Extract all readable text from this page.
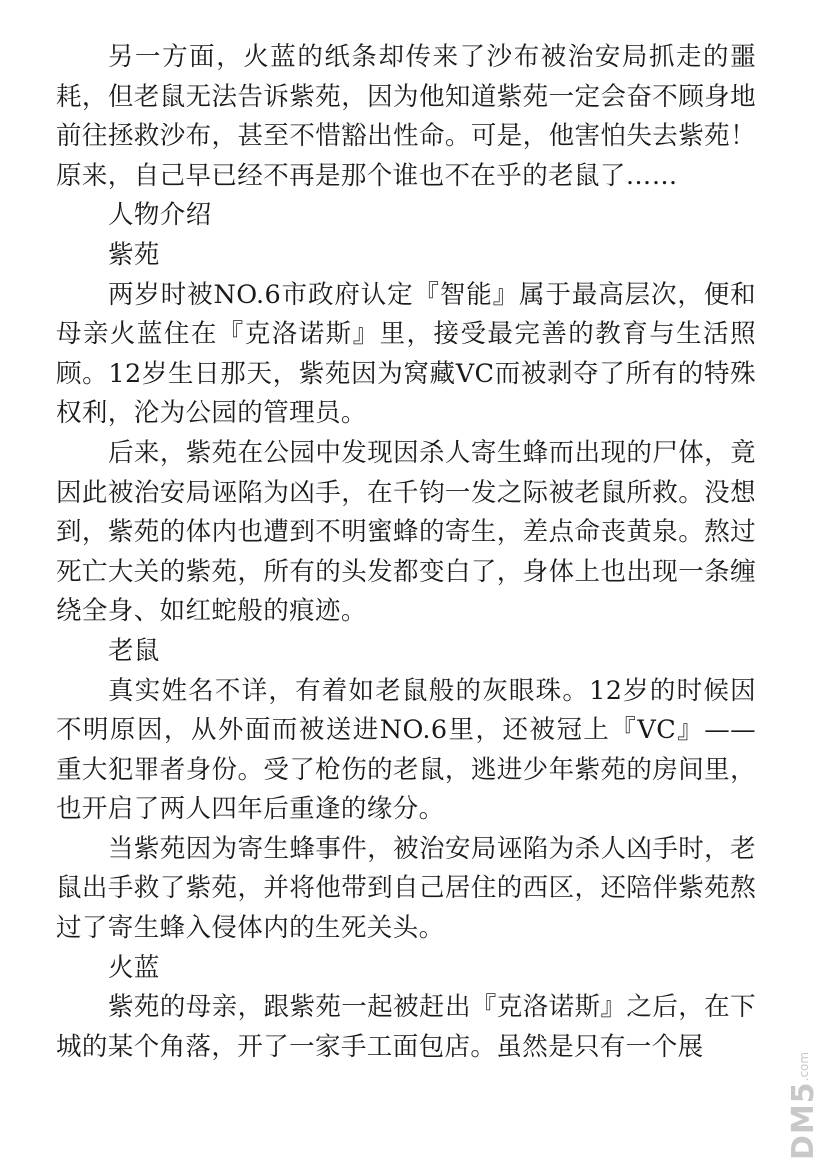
另一方面，火蓝的纸条却传来了沙布被治安局抓走的噩耗，但老鼠无法告诉紫苑，因为他知道紫苑一定会奋不顾身地前往拯救沙布，甚至不惜豁出性命。可是，他害怕失去紫苑！原来，自己早已经不再是那个谁也不在乎的老鼠了……

人物介绍

紫苑

两岁时被NO.6市政府认定『智能』属于最高层次，便和母亲火蓝住在『克洛诺斯』里，接受最完善的教育与生活照顾。12岁生日那天，紫苑因为窝藏VC而被剥夺了所有的特殊权利，沦为公园的管理员。

后来，紫苑在公园中发现因杀人寄生蜂而出现的尸体，竟因此被治安局诬陷为凶手，在千钧一发之际被老鼠所救。没想到，紫苑的体内也遭到不明蜜蜂的寄生，差点命丧黄泉。熬过死亡大关的紫苑，所有的头发都变白了，身体上也出现一条缠绕全身、如红蛇般的痕迹。

老鼠

真实姓名不详，有着如老鼠般的灰眼珠。12岁的时候因不明原因，从外面而被送进NO.6里，还被冠上『VC』——重大犯罪者身份。受了枪伤的老鼠，逃进少年紫苑的房间里，也开启了两人四年后重逢的缘分。

当紫苑因为寄生蜂事件，被治安局诬陷为杀人凶手时，老鼠出手救了紫苑，并将他带到自己居住的西区，还陪伴紫苑熬过了寄生蜂入侵体内的生死关头。

火蓝

紫苑的母亲，跟紫苑一起被赶出『克洛诺斯』之后，在下城的某个角落，开了一家手工面包店。虽然是只有一个展

$DM5^{.com}$
